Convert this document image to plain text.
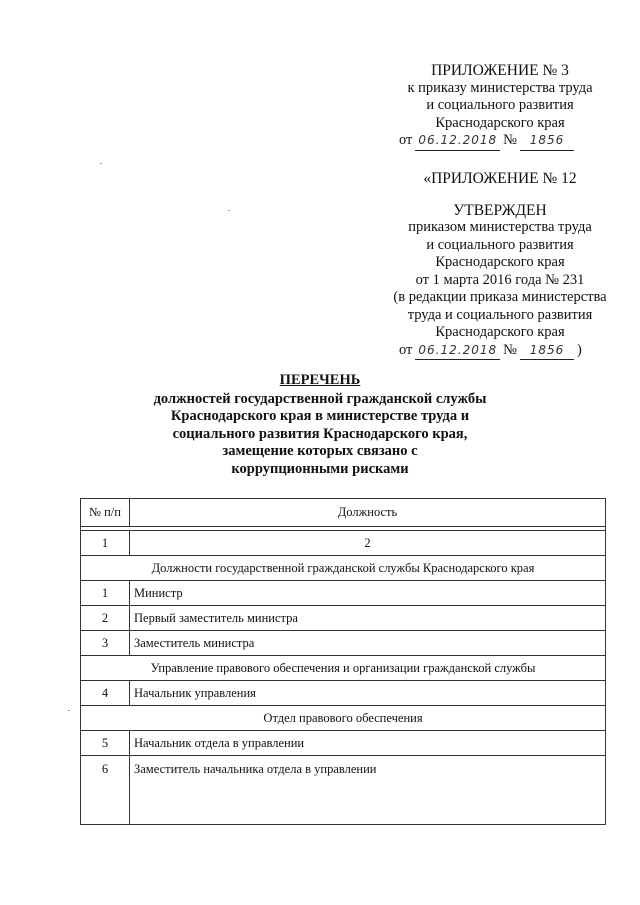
ПРИЛОЖЕНИЕ № 3
к приказу министерства труда
и социального развития
Краснодарского края
от 06.12.2018 №	1856
«ПРИЛОЖЕНИЕ № 12
УТВЕРЖДЕН
приказом министерства труда
и социального развития
Краснодарского края
от 1 марта 2016 года № 231
(в редакции приказа министерства
труда и социального развития
Краснодарского края
от 06.12.2018 №	1856 )
ПЕРЕЧЕНЬ
должностей государственной гражданской службы
Краснодарского края в министерстве труда и
социального развития Краснодарского края,
замещение которых связано с
коррупционными рисками
№ п/п	Должность

1	2
Должности государственной гражданской службы Краснодарского края	
1	Министр
2	Первый заместитель министра
3	Заместитель министра
Управление правового обеспечения и организации гражданской службы	
4	Начальник управления
Отдел правового обеспечения	
5	Начальник отдела в управлении
6	Заместитель начальника отдела в управлении
